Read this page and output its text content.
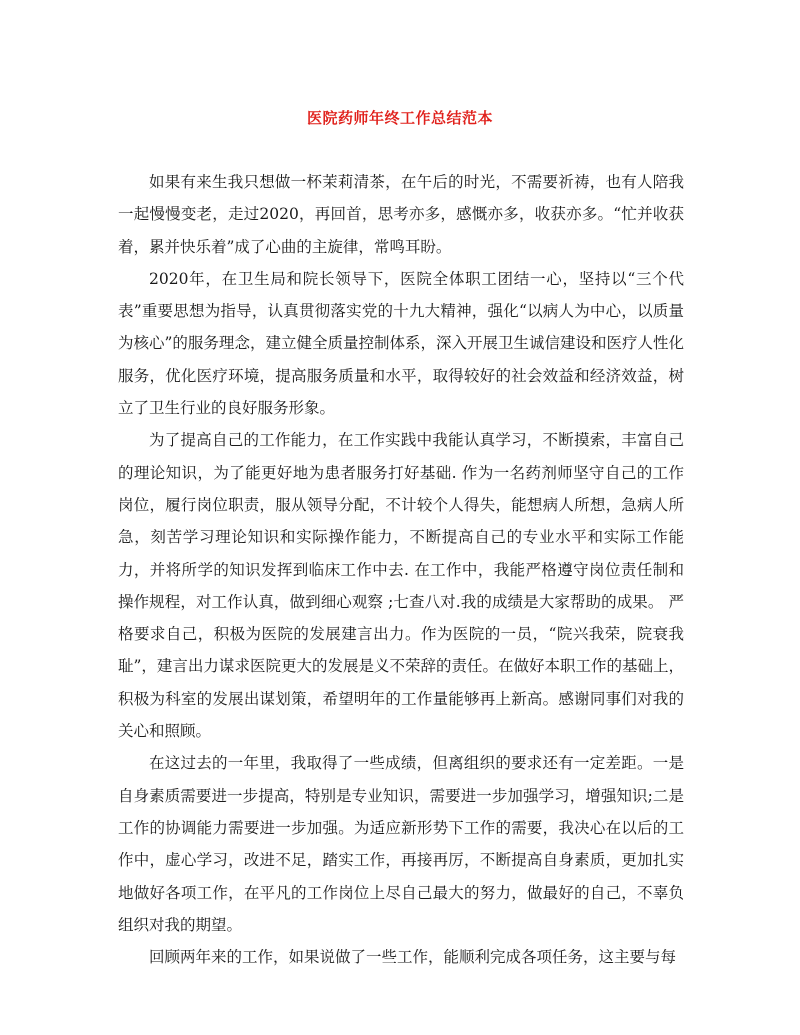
医院药师年终工作总结范本

如果有来生我只想做一杯茉莉清茶，在午后的时光，不需要祈祷，也有人陪我一起慢慢变老，走过2020，再回首，思考亦多，感慨亦多，收获亦多。“忙并收获着，累并快乐着”成了心曲的主旋律，常鸣耳盼。

2020年，在卫生局和院长领导下，医院全体职工团结一心，坚持以“三个代表”重要思想为指导，认真贯彻落实党的十九大精神，强化“以病人为中心，以质量为核心”的服务理念，建立健全质量控制体系，深入开展卫生诚信建设和医疗人性化服务，优化医疗环境，提高服务质量和水平，取得较好的社会效益和经济效益，树立了卫生行业的良好服务形象。

为了提高自己的工作能力，在工作实践中我能认真学习，不断摸索，丰富自己的理论知识，为了能更好地为患者服务打好基础. 作为一名药剂师坚守自己的工作岗位，履行岗位职责，服从领导分配，不计较个人得失，能想病人所想，急病人所急，刻苦学习理论知识和实际操作能力，不断提高自己的专业水平和实际工作能力，并将所学的知识发挥到临床工作中去. 在工作中，我能严格遵守岗位责任制和操作规程，对工作认真，做到细心观察 ;七查八对.我的成绩是大家帮助的成果。 严格要求自己，积极为医院的发展建言出力。作为医院的一员，“院兴我荣，院衰我耻”，建言出力谋求医院更大的发展是义不荣辞的责任。在做好本职工作的基础上，积极为科室的发展出谋划策，希望明年的工作量能够再上新高。感谢同事们对我的关心和照顾。

在这过去的一年里，我取得了一些成绩，但离组织的要求还有一定差距。一是自身素质需要进一步提高，特别是专业知识，需要进一步加强学习，增强知识;二是工作的协调能力需要进一步加强。为适应新形势下工作的需要，我决心在以后的工作中，虚心学习，改进不足，踏实工作，再接再厉，不断提高自身素质，更加扎实地做好各项工作，在平凡的工作岗位上尽自己最大的努力，做最好的自己，不辜负组织对我的期望。

回顾两年来的工作，如果说做了一些工作，能顺利完成各项任务，这主要与每
